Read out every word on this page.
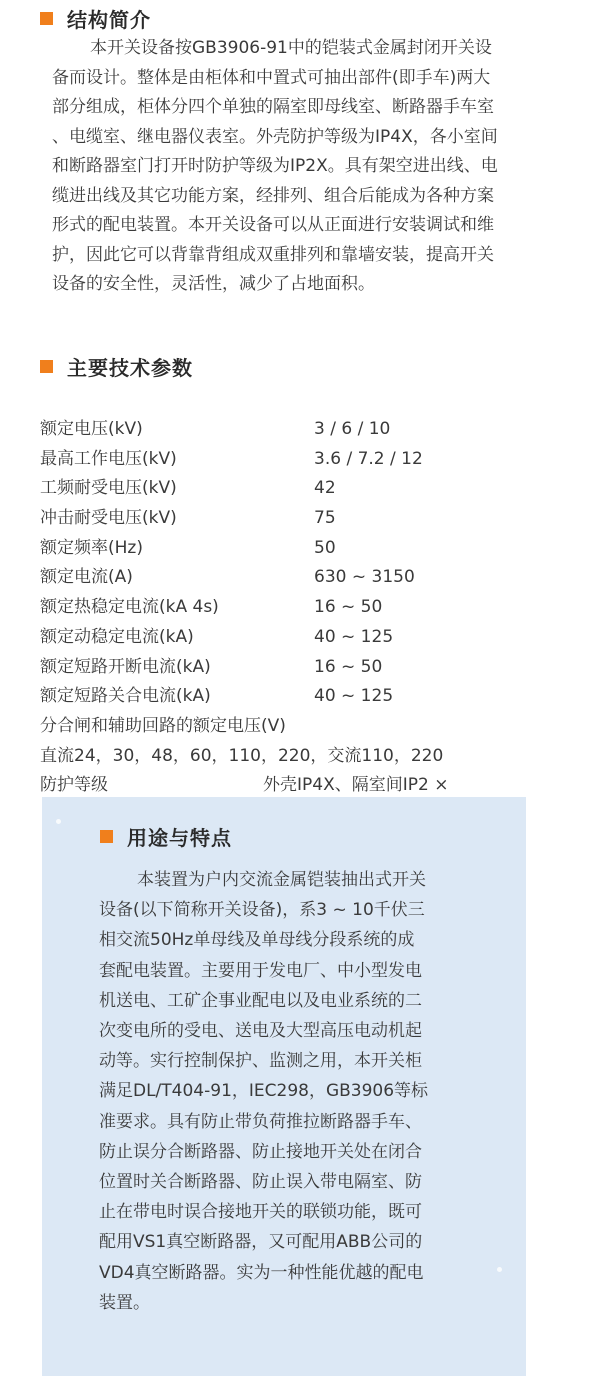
结构简介
本开关设备按GB3906-91中的铠装式金属封闭开关设
备而设计。整体是由柜体和中置式可抽出部件(即手车)两大
部分组成，柜体分四个单独的隔室即母线室、断路器手车室
、电缆室、继电器仪表室。外壳防护等级为IP4X，各小室间
和断路器室门打开时防护等级为IP2X。具有架空进出线、电
缆进出线及其它功能方案，经排列、组合后能成为各种方案
形式的配电装置。本开关设备可以从正面进行安装调试和维
护，因此它可以背靠背组成双重排列和靠墙安装，提高开关
设备的安全性，灵活性，减少了占地面积。
主要技术参数
额定电压(kV)	3 / 6 / 10
最高工作电压(kV)	3.6 / 7.2 / 12
工频耐受电压(kV)	42
冲击耐受电压(kV)	75
额定频率(Hz)	50
额定电流(A)	630 ~ 3150
额定热稳定电流(kA 4s)	16 ~ 50
额定动稳定电流(kA)	40 ~ 125
额定短路开断电流(kA)	16 ~ 50
额定短路关合电流(kA)	40 ~ 125
分合闸和辅助回路的额定电压(V)
直流24，30，48，60，110，220，交流110，220
防护等级	外壳IP4X、隔室间IP2 ×
用途与特点
本装置为户内交流金属铠装抽出式开关
设备(以下简称开关设备)，系3 ~ 10千伏三
相交流50Hz单母线及单母线分段系统的成
套配电装置。主要用于发电厂、中小型发电
机送电、工矿企事业配电以及电业系统的二
次变电所的受电、送电及大型高压电动机起
动等。实行控制保护、监测之用，本开关柜
满足DL/T404-91，IEC298，GB3906等标
准要求。具有防止带负荷推拉断路器手车、
防止误分合断路器、防止接地开关处在闭合
位置时关合断路器、防止误入带电隔室、防
止在带电时误合接地开关的联锁功能，既可
配用VS1真空断路器，又可配用ABB公司的
VD4真空断路器。实为一种性能优越的配电
装置。
